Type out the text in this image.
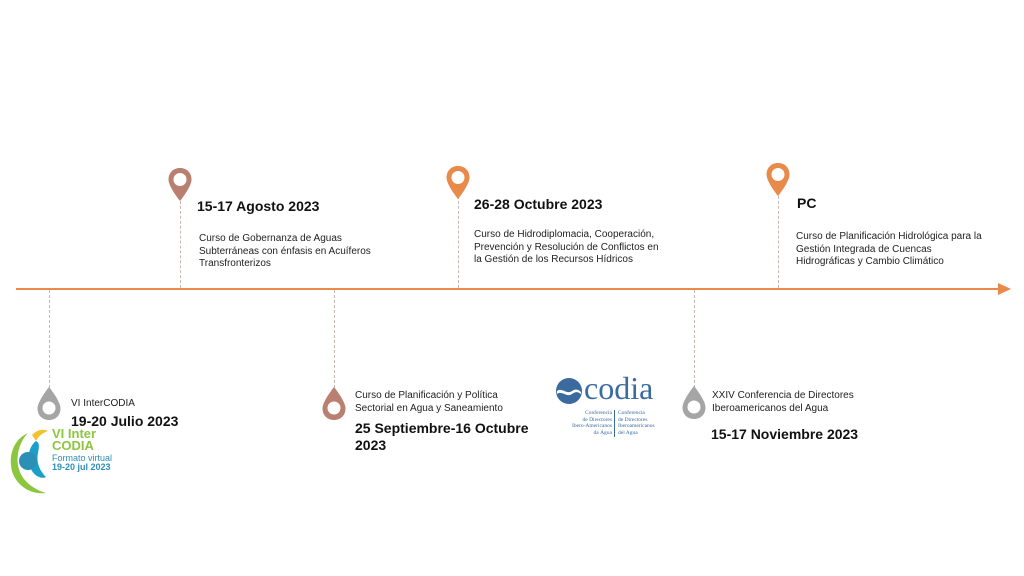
15-17 Agosto 2023
Curso de Gobernanza de Aguas Subterráneas con énfasis en Acuíferos Transfronterizos
26-28 Octubre 2023
Curso de Hidrodiplomacia, Cooperación, Prevención y Resolución de Conflictos en la Gestión de los Recursos Hídricos
PC
Curso de Planificación Hidrológica para la Gestión Integrada de Cuencas Hidrográficas y Cambio Climático
VI InterCODIA
19-20 Julio 2023
Curso de Planificación y Política Sectorial en Agua y Saneamiento
25 Septiembre-16 Octubre 2023
XXIV Conferencia de Directores Iberoamericanos del Agua
15-17 Noviembre 2023
VI Inter
CODIA
Formato virtual
19-20 jul 2023
codia
Conferencia
de Directores
Ibero-Americanos
da Água
Conferencia
de Directores
Iberoamericanos
del Agua
